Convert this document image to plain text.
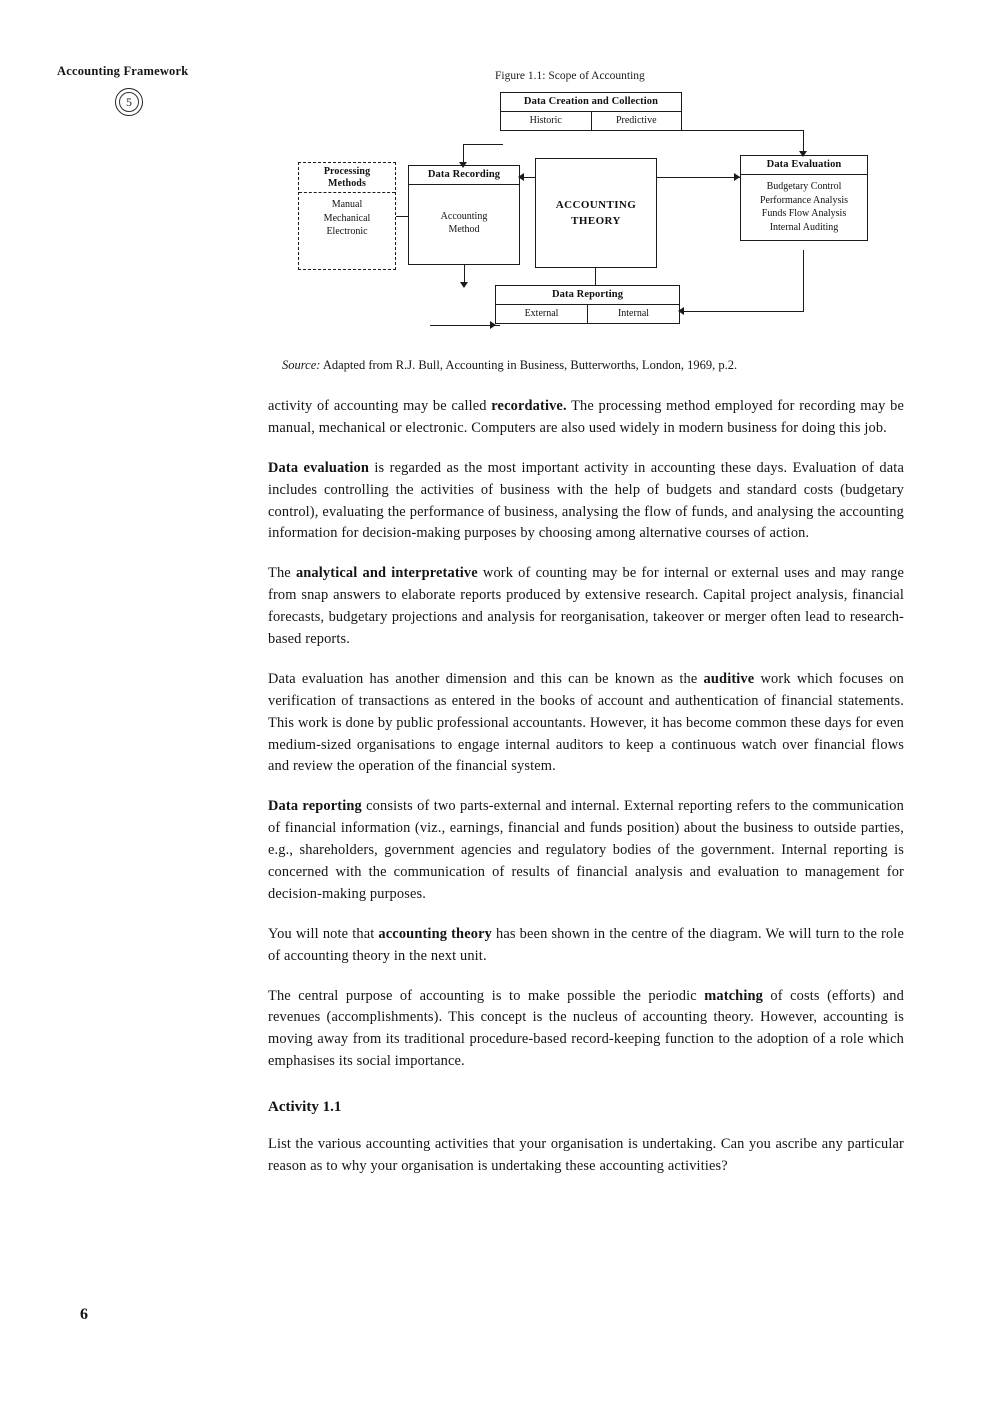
Accounting Framework
5
Figure 1.1: Scope of Accounting
Data Creation and Collection
Historic	Predictive
Data Recording
Accounting
Method
ACCOUNTING
THEORY
Data Evaluation
Budgetary Control
Performance Analysis
Funds Flow Analysis
Internal Auditing
Data Reporting
External	Internal
Processing
Methods
Manual
Mechanical
Electronic
Source: Adapted from R.J. Bull, Accounting in Business, Butterworths, London, 1969, p.2.

activity of accounting may be called recordative. The processing method employed for recording may be manual, mechanical or electronic. Computers are also used widely in modern business for doing this job.

Data evaluation is regarded as the most important activity in accounting these days. Evaluation of data includes controlling the activities of business with the help of budgets and standard costs (budgetary control), evaluating the performance of business, analysing the flow of funds, and analysing the accounting information for decision-making purposes by choosing among alternative courses of action.

The analytical and interpretative work of counting may be for internal or external uses and may range from snap answers to elaborate reports produced by extensive research. Capital project analysis, financial forecasts, budgetary projections and analysis for reorganisation, takeover or merger often lead to research-based reports.

Data evaluation has another dimension and this can be known as the auditive work which focuses on verification of transactions as entered in the books of account and authentication of financial statements. This work is done by public professional accountants. However, it has become common these days for even medium-sized organisations to engage internal auditors to keep a continuous watch over financial flows and review the operation of the financial system.

Data reporting consists of two parts-external and internal. External reporting refers to the communication of financial information (viz., earnings, financial and funds position) about the business to outside parties, e.g., shareholders, government agencies and regulatory bodies of the government. Internal reporting is concerned with the communication of results of financial analysis and evaluation to management for decision-making purposes.

You will note that accounting theory has been shown in the centre of the diagram. We will turn to the role of accounting theory in the next unit.

The central purpose of accounting is to make possible the periodic matching of costs (efforts) and revenues (accomplishments). This concept is the nucleus of accounting theory. However, accounting is moving away from its traditional procedure-based record-keeping function to the adoption of a role which emphasises its social importance.

Activity 1.1

List the various accounting activities that your organisation is undertaking. Can you ascribe any particular reason as to why your organisation is undertaking these accounting activities?

6
